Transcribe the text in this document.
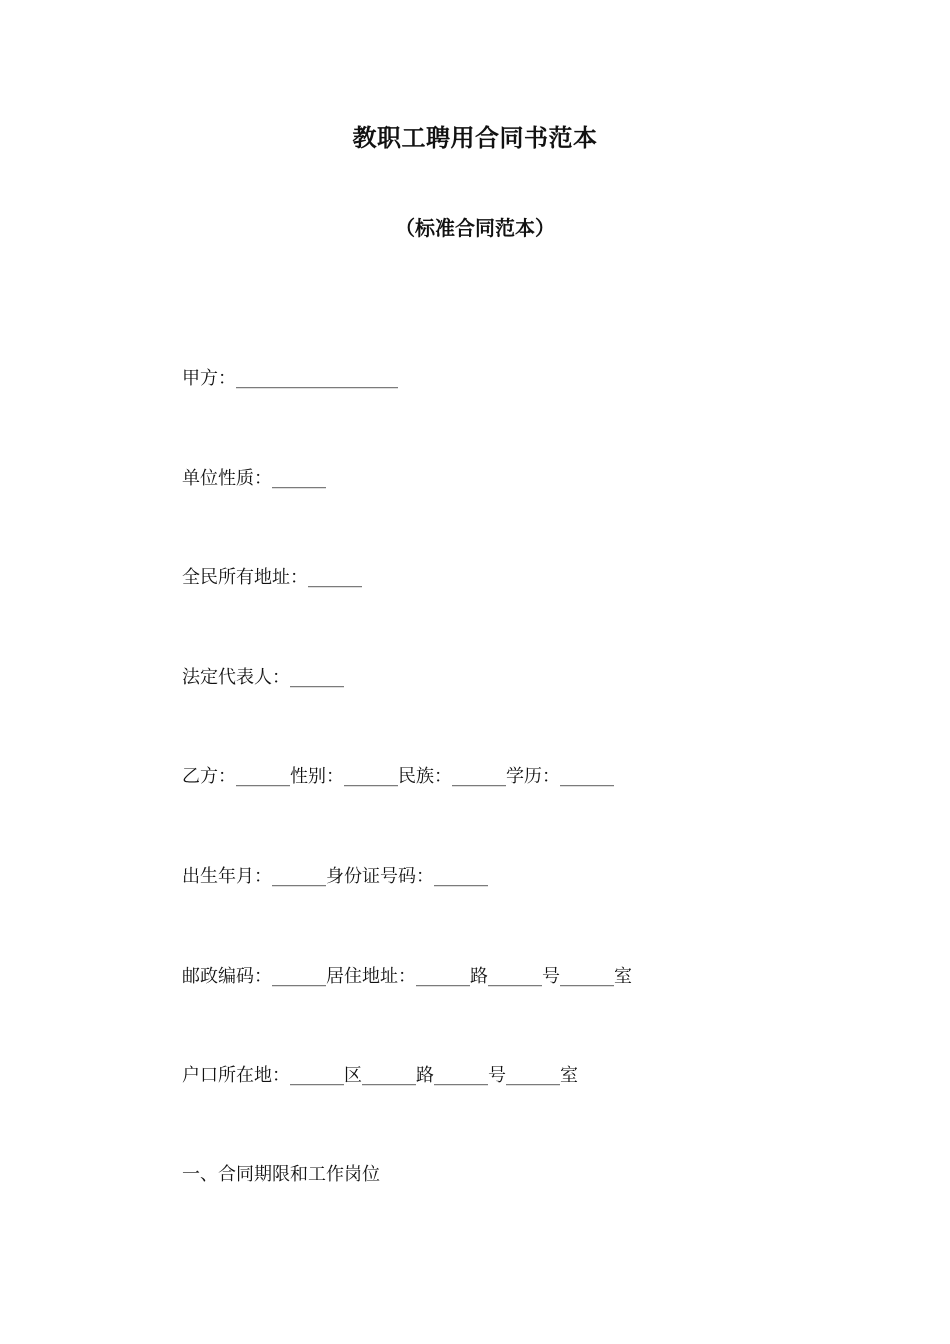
教职工聘用合同书范本
（标准合同范本）
甲方：__________________
单位性质：______
全民所有地址：______
法定代表人：______
乙方：______性别：______民族：______学历：______
出生年月：______身份证号码：______
邮政编码：______居住地址：______路______号______室
户口所在地：______区______路______号______室
一、合同期限和工作岗位
